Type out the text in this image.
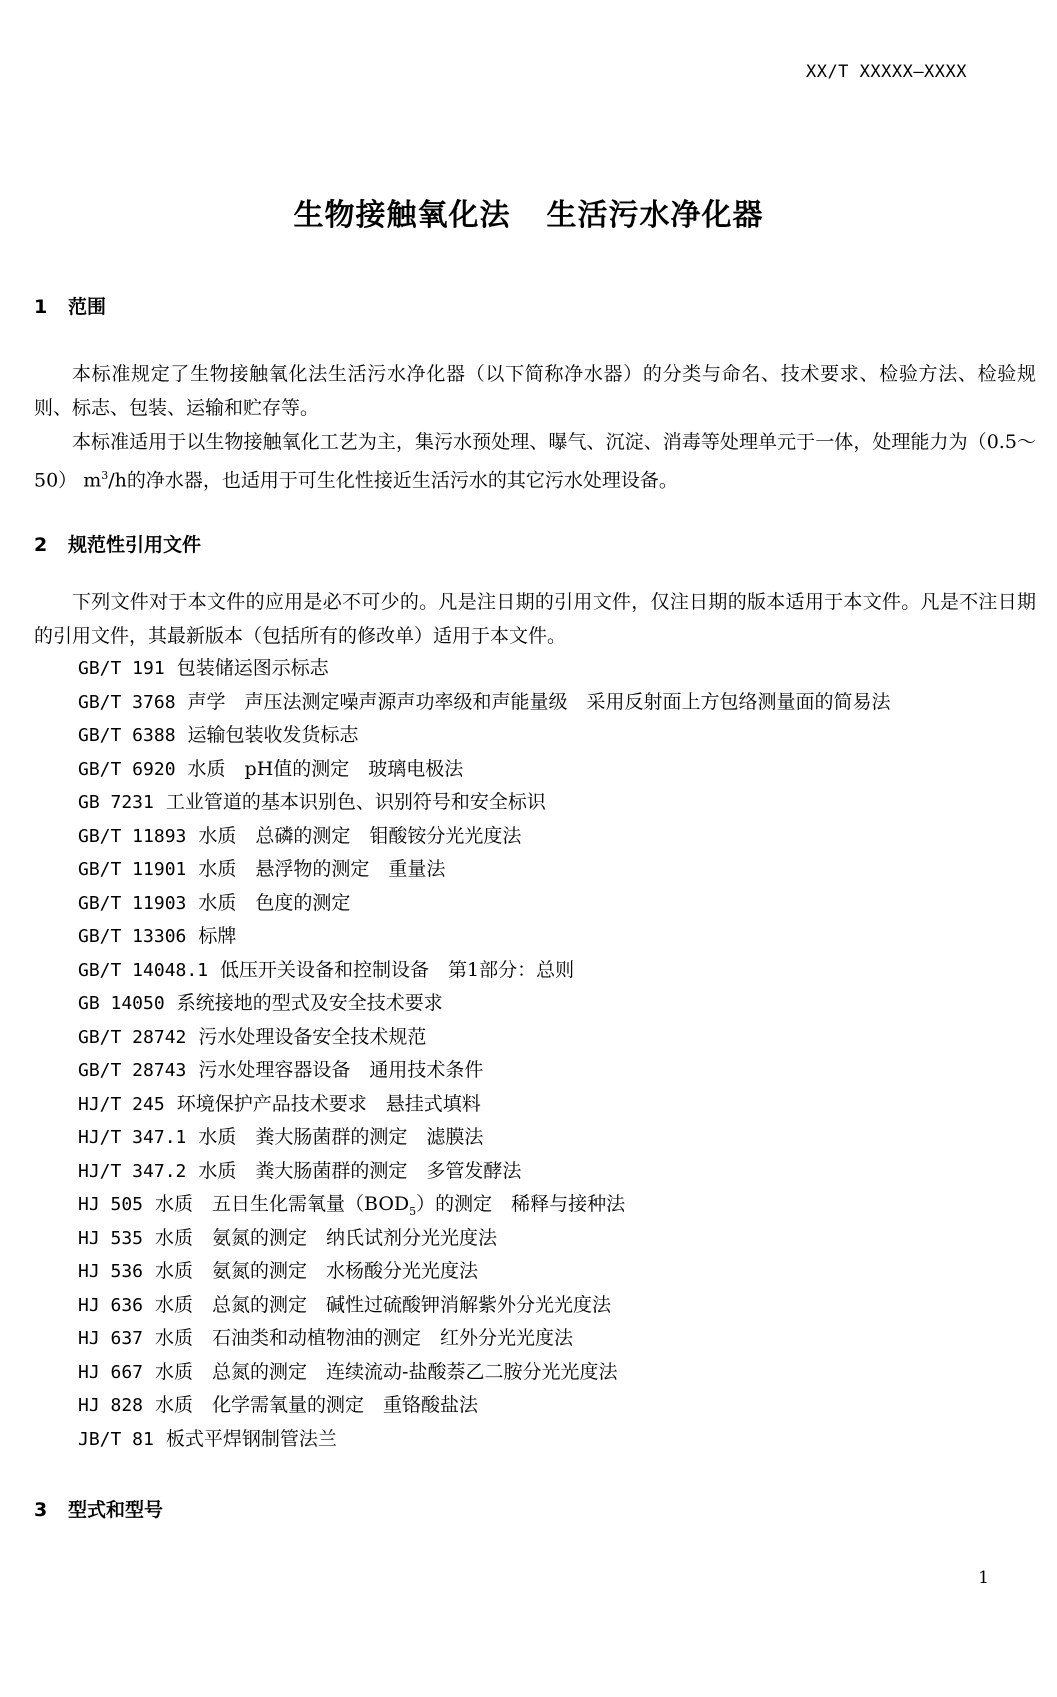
XX/T XXXXX—XXXX
生物接触氧化法 生活污水净化器
1 范围
本标准规定了生物接触氧化法生活污水净化器（以下简称净水器）的分类与命名、技术要求、检验方法、检验规则、标志、包装、运输和贮存等。
本标准适用于以生物接触氧化工艺为主，集污水预处理、曝气、沉淀、消毒等处理单元于一体，处理能力为（0.5～50） $m^3/h$的净水器，也适用于可生化性接近生活污水的其它污水处理设备。
2 规范性引用文件
下列文件对于本文件的应用是必不可少的。凡是注日期的引用文件，仅注日期的版本适用于本文件。凡是不注日期的引用文件，其最新版本（包括所有的修改单）适用于本文件。
GB/T 191 包装储运图示标志
GB/T 3768 声学　声压法测定噪声源声功率级和声能量级　采用反射面上方包络测量面的简易法
GB/T 6388 运输包装收发货标志
GB/T 6920 水质　pH值的测定　玻璃电极法
GB 7231 工业管道的基本识别色、识别符号和安全标识
GB/T 11893 水质　总磷的测定　钼酸铵分光光度法
GB/T 11901 水质　悬浮物的测定　重量法
GB/T 11903 水质　色度的测定
GB/T 13306 标牌
GB/T 14048.1 低压开关设备和控制设备　第1部分：总则
GB 14050 系统接地的型式及安全技术要求
GB/T 28742 污水处理设备安全技术规范
GB/T 28743 污水处理容器设备　通用技术条件
HJ/T 245 环境保护产品技术要求　悬挂式填料
HJ/T 347.1 水质　粪大肠菌群的测定　滤膜法
HJ/T 347.2 水质　粪大肠菌群的测定　多管发酵法
HJ 505 水质　五日生化需氧量$(BOD_5)$的测定　稀释与接种法
HJ 535 水质　氨氮的测定　纳氏试剂分光光度法
HJ 536 水质　氨氮的测定　水杨酸分光光度法
HJ 636 水质　总氮的测定　碱性过硫酸钾消解紫外分光光度法
HJ 637 水质　石油类和动植物油的测定　红外分光光度法
HJ 667 水质　总氮的测定　连续流动-盐酸萘乙二胺分光光度法
HJ 828 水质　化学需氧量的测定　重铬酸盐法
JB/T 81 板式平焊钢制管法兰
3 型式和型号
1
